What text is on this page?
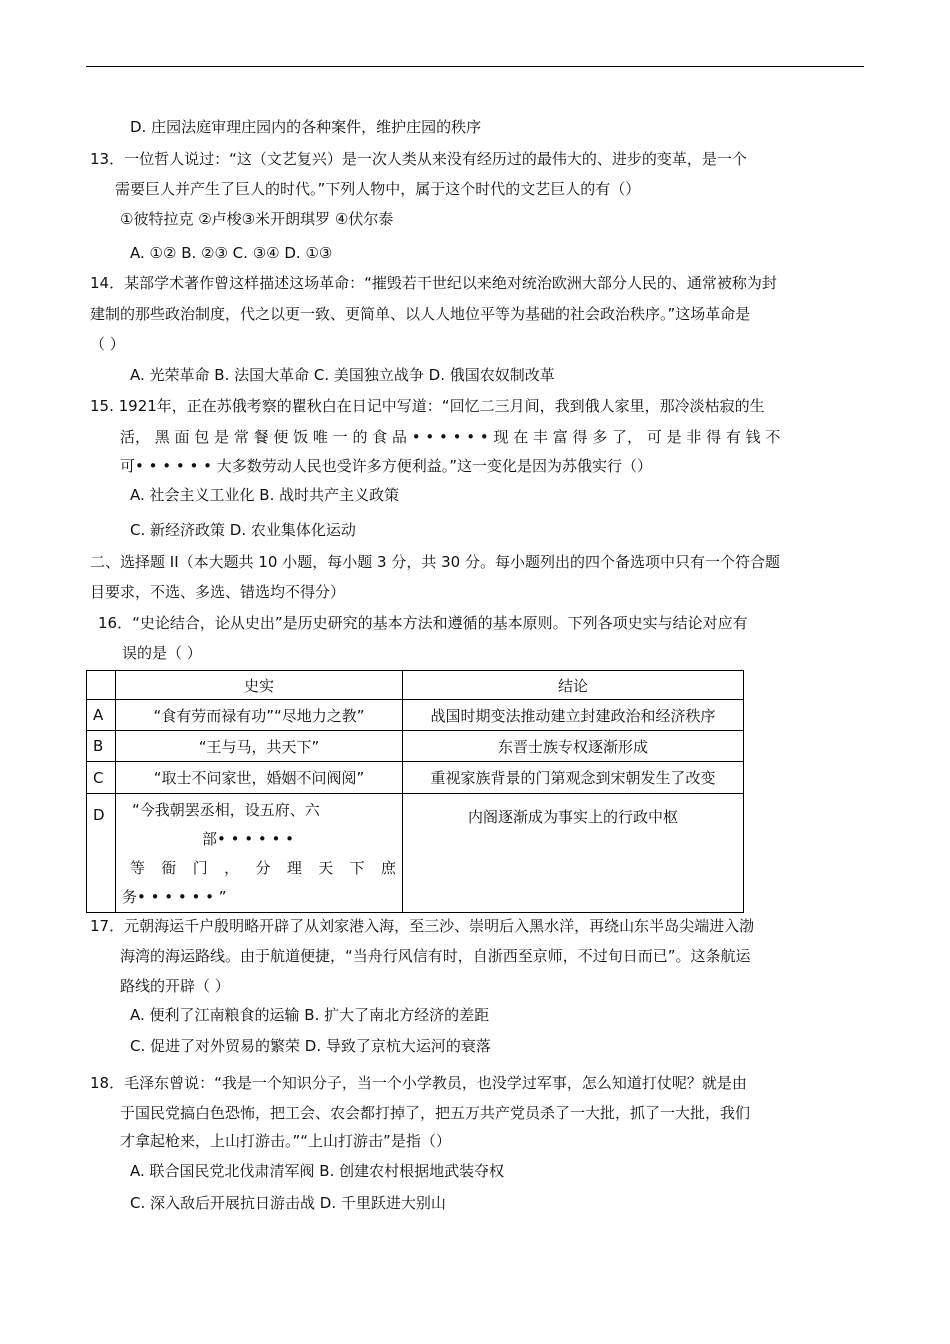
D. 庄园法庭审理庄园内的各种案件，维护庄园的秩序
13．一位哲人说过：“这（文艺复兴）是一次人类从来没有经历过的最伟大的、进步的变革，是一个
需要巨人并产生了巨人的时代。”下列人物中，属于这个时代的文艺巨人的有（）
①彼特拉克 ②卢梭③米开朗琪罗 ④伏尔泰
A. ①② B. ②③ C. ③④ D. ①③
14．某部学术著作曾这样描述这场革命：“摧毁若干世纪以来绝对统治欧洲大部分人民的、通常被称为封
建制的那些政治制度，代之以更一致、更简单、以人人地位平等为基础的社会政治秩序。”这场革命是
（ ）
A. 光荣革命 B. 法国大革命 C. 美国独立战争 D. 俄国农奴制改革
15. 1921年，正在苏俄考察的瞿秋白在日记中写道：“回忆二三月间，我到俄人家里，那冷淡枯寂的生
活， 黑 面 包 是 常 餐 便 饭 唯 一 的 食 品 • • • • • • 现 在 丰 富 得 多 了， 可 是 非 得 有 钱 不
可• • • • • • 大多数劳动人民也受许多方便利益。”这一变化是因为苏俄实行（）
A. 社会主义工业化 B. 战时共产主义政策
C. 新经济政策 D. 农业集体化运动
二、选择题 II（本大题共 10 小题，每小题 3 分，共 30 分。每小题列出的四个备选项中只有一个符合题
目要求，不选、多选、错选均不得分）
16．“史论结合，论从史出”是历史研究的基本方法和遵循的基本原则。下列各项史实与结论对应有
误的是（ ）
	史实	结论
A	“食有劳而禄有功”“尽地力之教”	战国时期变法推动建立封建政治和经济秩序
B	“王与马，共天下”	东晋士族专权逐渐形成
C	“取士不问家世，婚姻不问阀阅”	重视家族背景的门第观念到宋朝发生了改变
D	“今我朝罢丞相，设五府、六
部• • • • • •
等 衙 门 ， 分 理 天 下 庶
务• • • • • • ”	内阁逐渐成为事实上的行政中枢
17．元朝海运千户殷明略开辟了从刘家港入海，至三沙、崇明后入黑水洋，再绕山东半岛尖端进入渤
海湾的海运路线。由于航道便捷，“当舟行风信有时，自浙西至京师，不过旬日而已”。这条航运
路线的开辟（ ）
A. 便利了江南粮食的运输 B. 扩大了南北方经济的差距
C. 促进了对外贸易的繁荣 D. 导致了京杭大运河的衰落
18．毛泽东曾说：“我是一个知识分子，当一个小学教员，也没学过军事，怎么知道打仗呢？就是由
于国民党搞白色恐怖，把工会、农会都打掉了，把五万共产党员杀了一大批，抓了一大批，我们
才拿起枪来，上山打游击。”“上山打游击”是指（）
A. 联合国民党北伐肃清军阀 B. 创建农村根据地武装夺权
C. 深入敌后开展抗日游击战 D. 千里跃进大别山
